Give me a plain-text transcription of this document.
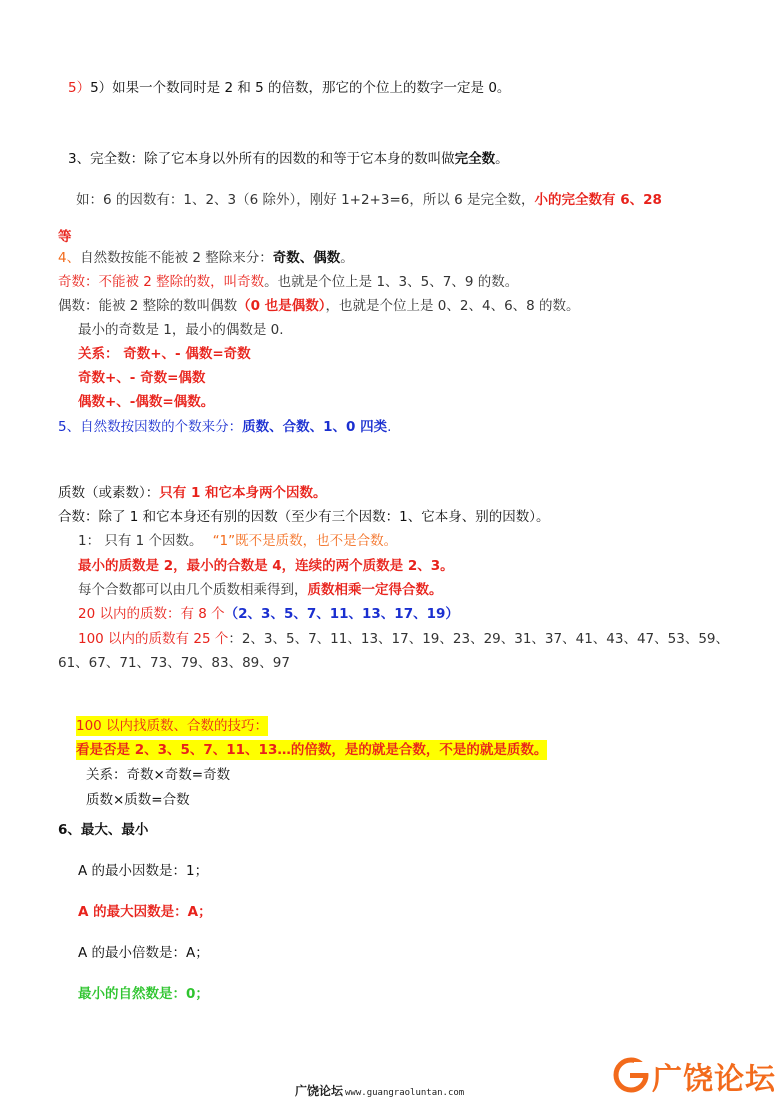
5）5）如果一个数同时是 2 和 5 的倍数，那它的个位上的数字一定是 0。
3、完全数：除了它本身以外所有的因数的和等于它本身的数叫做完全数。
如：6 的因数有：1、2、3（6 除外），刚好 1+2+3=6，所以 6 是完全数，小的完全数有 6、28
等
4、自然数按能不能被 2 整除来分：奇数、偶数。
奇数：不能被 2 整除的数，叫奇数。也就是个位上是 1、3、5、7、9 的数。
偶数：能被 2 整除的数叫偶数（0 也是偶数），也就是个位上是 0、2、4、6、8 的数。
最小的奇数是 1，最小的偶数是 0.
关系： 奇数+、- 偶数=奇数
奇数+、- 奇数=偶数
偶数+、-偶数=偶数。
5、自然数按因数的个数来分：质数、合数、1、0 四类.
质数（或素数）：只有 1 和它本身两个因数。
合数：除了 1 和它本身还有别的因数（至少有三个因数：1、它本身、别的因数）。
1： 只有 1 个因数。 “1”既不是质数，也不是合数。
最小的质数是 2，最小的合数是 4，连续的两个质数是 2、3。
每个合数都可以由几个质数相乘得到，质数相乘一定得合数。
20 以内的质数：有 8 个（2、3、5、7、11、13、17、19）
100 以内的质数有 25 个：2、3、5、7、11、13、17、19、23、29、31、37、41、43、47、53、59、
61、67、71、73、79、83、89、97
100 以内找质数、合数的技巧：
看是否是 2、3、5、7、11、13…的倍数，是的就是合数，不是的就是质数。
关系：奇数×奇数=奇数
质数×质数=合数
6、最大、最小
A 的最小因数是：1；
A 的最大因数是：A；
A 的最小倍数是：A；
最小的自然数是：0；
广饶论坛 www.guangraoluntan.com	广饶论坛
